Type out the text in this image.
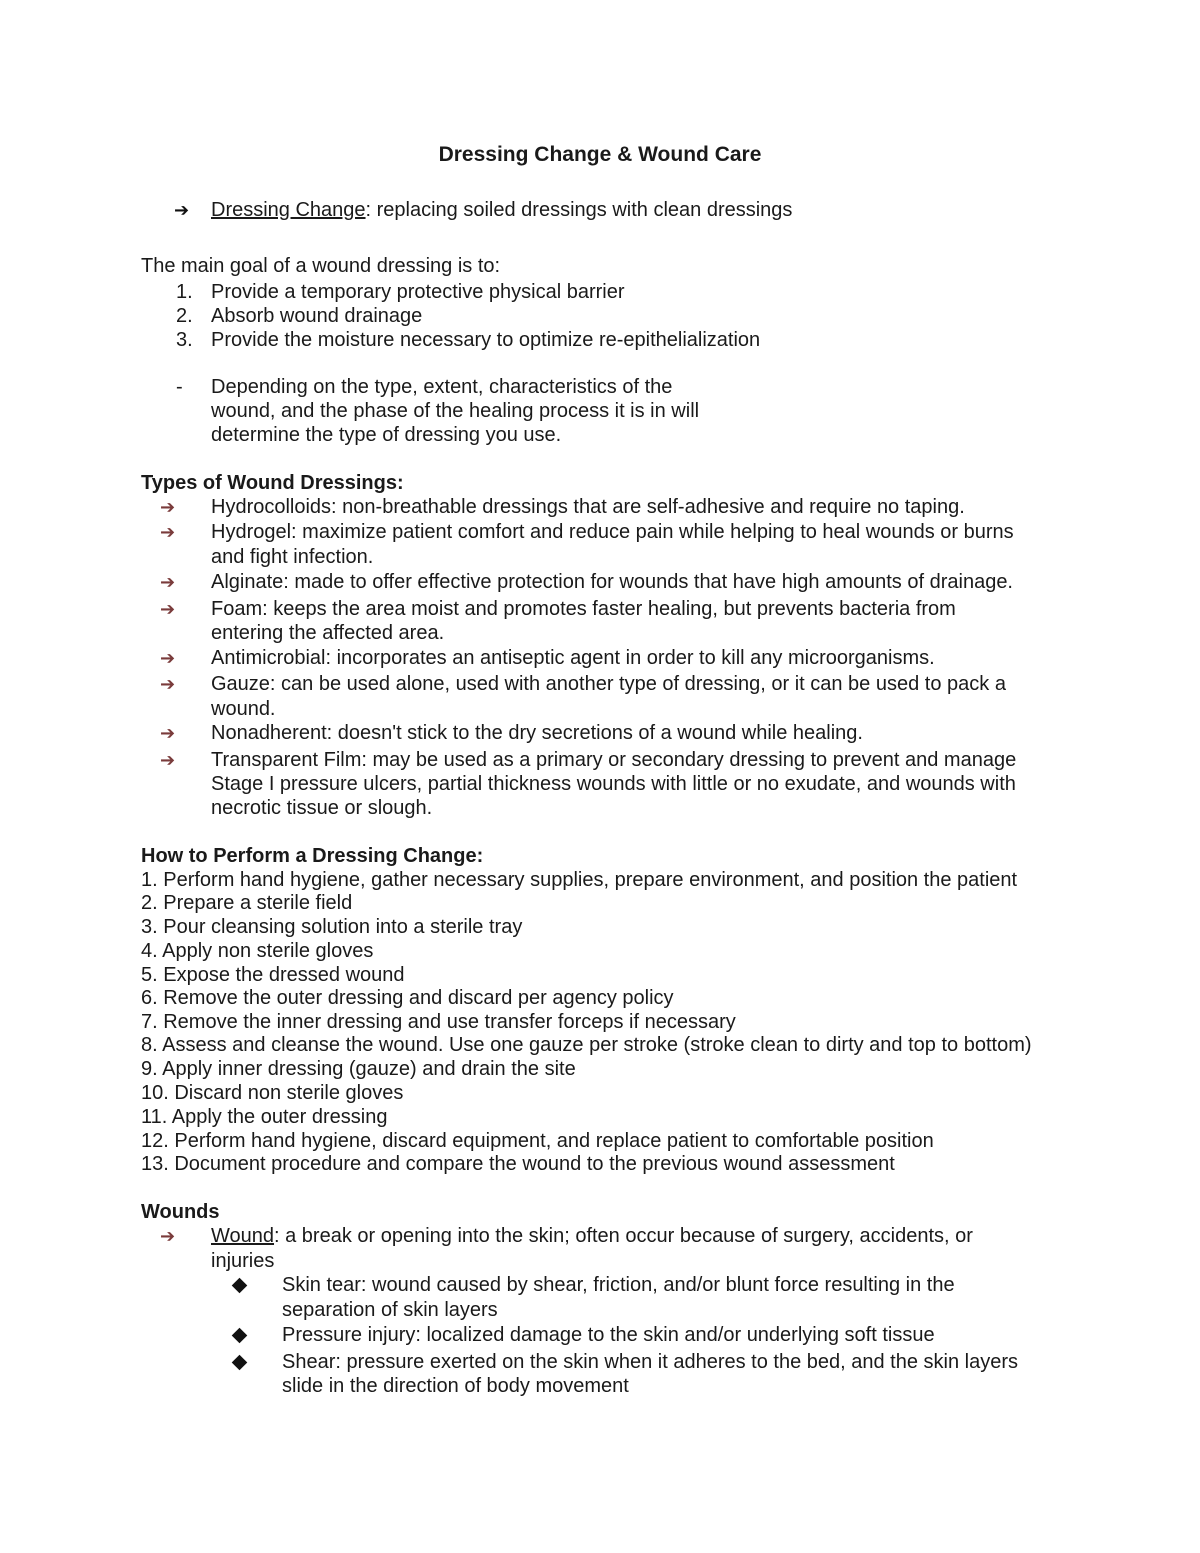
Dressing Change & Wound Care
➔ Dressing Change: replacing soiled dressings with clean dressings
The main goal of a wound dressing is to:
1. Provide a temporary protective physical barrier
2. Absorb wound drainage
3. Provide the moisture necessary to optimize re-epithelialization
- Depending on the type, extent, characteristics of the
wound, and the phase of the healing process it is in will
determine the type of dressing you use.
Types of Wound Dressings:
➔ Hydrocolloids: non-breathable dressings that are self-adhesive and require no taping.
➔ Hydrogel: maximize patient comfort and reduce pain while helping to heal wounds or burns
and fight infection.
➔ Alginate: made to offer effective protection for wounds that have high amounts of drainage.
➔ Foam: keeps the area moist and promotes faster healing, but prevents bacteria from
entering the affected area.
➔ Antimicrobial: incorporates an antiseptic agent in order to kill any microorganisms.
➔ Gauze: can be used alone, used with another type of dressing, or it can be used to pack a
wound.
➔ Nonadherent: doesn't stick to the dry secretions of a wound while healing.
➔ Transparent Film: may be used as a primary or secondary dressing to prevent and manage
Stage I pressure ulcers, partial thickness wounds with little or no exudate, and wounds with
necrotic tissue or slough.
How to Perform a Dressing Change:
1. Perform hand hygiene, gather necessary supplies, prepare environment, and position the patient
2. Prepare a sterile field
3. Pour cleansing solution into a sterile tray
4. Apply non sterile gloves
5. Expose the dressed wound
6. Remove the outer dressing and discard per agency policy
7. Remove the inner dressing and use transfer forceps if necessary
8. Assess and cleanse the wound. Use one gauze per stroke (stroke clean to dirty and top to bottom)
9. Apply inner dressing (gauze) and drain the site
10. Discard non sterile gloves
11. Apply the outer dressing
12. Perform hand hygiene, discard equipment, and replace patient to comfortable position
13. Document procedure and compare the wound to the previous wound assessment
Wounds
➔ Wound: a break or opening into the skin; often occur because of surgery, accidents, or
injuries
Skin tear: wound caused by shear, friction, and/or blunt force resulting in the
separation of skin layers
Pressure injury: localized damage to the skin and/or underlying soft tissue
Shear: pressure exerted on the skin when it adheres to the bed, and the skin layers
slide in the direction of body movement
